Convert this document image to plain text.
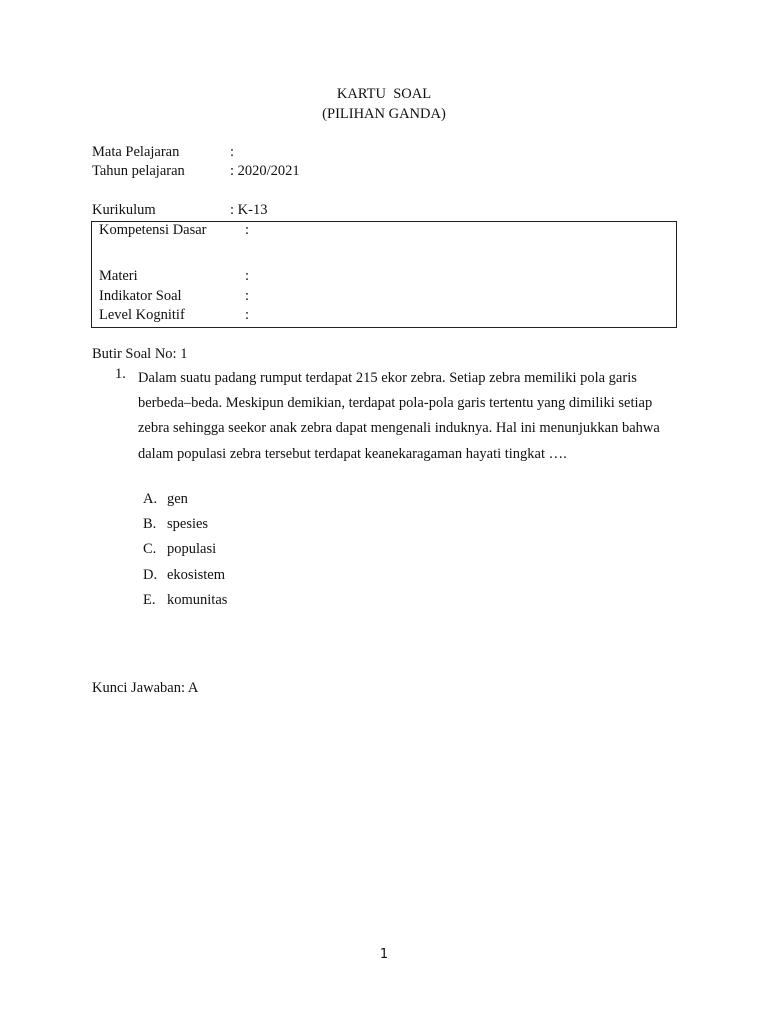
KARTU  SOAL
(PILIHAN GANDA)

Mata Pelajaran

	:

Tahun pelajaran

	: 2020/2021

Kurikulum

	: K-13

Kompetensi Dasar

	:

Materi

	:

Indikator Soal

	:

Level Kognitif

	:

Butir Soal No: 1
1. Dalam suatu padang rumput terdapat 215 ekor zebra. Setiap zebra memiliki pola garis berbeda–beda. Meskipun demikian, terdapat pola-pola garis tertentu yang dimiliki setiap zebra sehingga seekor anak zebra dapat mengenali induknya. Hal ini menunjukkan bahwa dalam populasi zebra tersebut terdapat keanekaragaman hayati tingkat ….

A.

gen

B.

spesies

C.

populasi

D.

ekosistem

E.

komunitas

Kunci Jawaban: A
1
